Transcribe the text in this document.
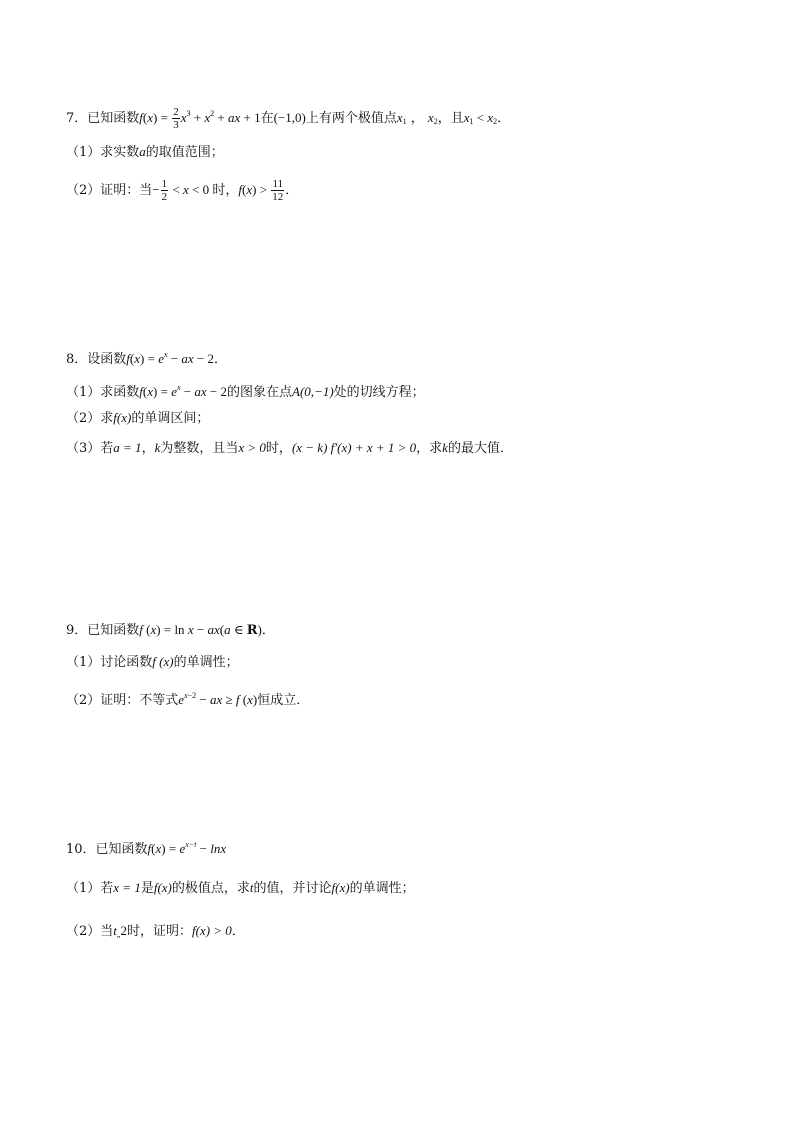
7．已知函数$f(x) = \frac{2}{3} x^3 + x^2$ + ax + 1在(−1,0)上有两个极值点$x_1$ ， $x_2$，且$x_1 < x_2$．
（1）求实数a的取值范围；
（2）证明：当− $\frac{1}{2} < x < 0$ 时，$f(x) > \frac{11}{12}$ ．
8．设函数$f(x) = e^x$ − ax − 2．
（1）求函数$f(x) = e^x$ − ax − 2的图象在点A(0,−1)处的切线方程；
（2）求f(x)的单调区间；
（3）若a = 1，k为整数，且当x > 0时，(x − k) f′(x) + x + 1 > 0，求k的最大值．
9．已知函数f (x) = ln x − ax(a ∈ R)．
（1）讨论函数f (x)的单调性；
（2）证明：不等式$e^{x-2}$ − ax ≥ f (x)恒成立．
10．已知函数$f(x) = e^{x-t} - \ln x$
（1）若x = 1是f(x)的极值点，求t的值，并讨论f(x)的单调性；
（2）当$t_„2$时，证明：f(x) > 0．
